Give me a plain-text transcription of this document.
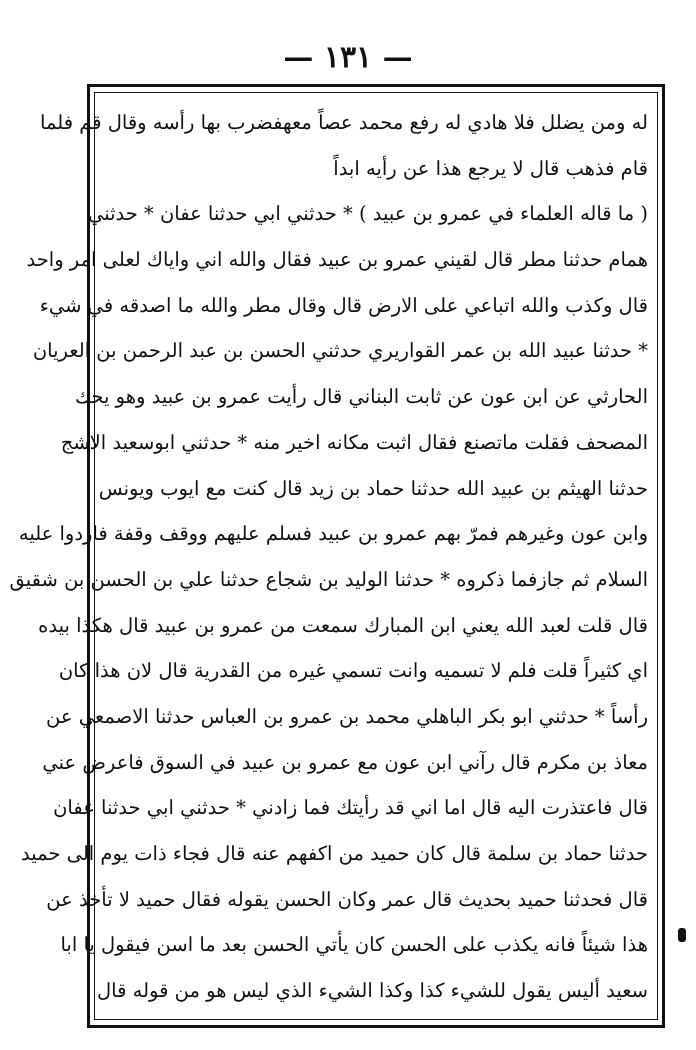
— ١٣١ —
له ومن يضلل فلا هادي له رفع محمد عصاً معهفضرب بها رأسه وقال قم فلما
قام فذهب قال لا يرجع هذا عن رأيه ابداً
( ما قاله العلماء في عمرو بن عبيد ) * حدثني ابي حدثنا عفان * حدثني
همام حدثنا مطر قال لقيني عمرو بن عبيد فقال والله اني واياك لعلى امر واحد
قال وكذب والله اتباعي على الارض قال وقال مطر والله ما اصدقه في شيء
* حدثنا عبيد الله بن عمر القواريري حدثني الحسن بن عبد الرحمن بن العريان
الحارثي عن ابن عون عن ثابت البناني قال رأيت عمرو بن عبيد وهو يحك
المصحف فقلت ماتصنع فقال اثبت مكانه اخير منه * حدثني ابوسعيد الاشج
حدثنا الهيثم بن عبيد الله حدثنا حماد بن زيد قال كنت مع ايوب ويونس
وابن عون وغيرهم فمرّ بهم عمرو بن عبيد فسلم عليهم ووقف وقفة فاردوا عليه
السلام ثم جازفما ذكروه * حدثنا الوليد بن شجاع حدثنا علي بن الحسن بن شقيق
قال قلت لعبد الله يعني ابن المبارك سمعت من عمرو بن عبيد قال هكذا بيده
اي كثيراً قلت فلم لا تسميه وانت تسمي غيره من القدرية قال لان هذا كان
رأساً * حدثني ابو بكر الباهلي محمد بن عمرو بن العباس حدثنا الاصمعي عن
معاذ بن مكرم قال رآني ابن عون مع عمرو بن عبيد في السوق فاعرض عني
قال فاعتذرت اليه قال اما اني قد رأيتك فما زادني * حدثني ابي حدثنا عفان
حدثنا حماد بن سلمة قال كان حميد من اكفهم عنه قال فجاء ذات يوم الى حميد
قال فحدثنا حميد بحديث قال عمر وكان الحسن يقوله فقال حميد لا تأخذ عن
هذا شيئاً فانه يكذب على الحسن كان يأتي الحسن بعد ما اسن فيقول يا ابا
سعيد أليس يقول للشيء كذا وكذا الشيء الذي ليس هو من قوله قال
